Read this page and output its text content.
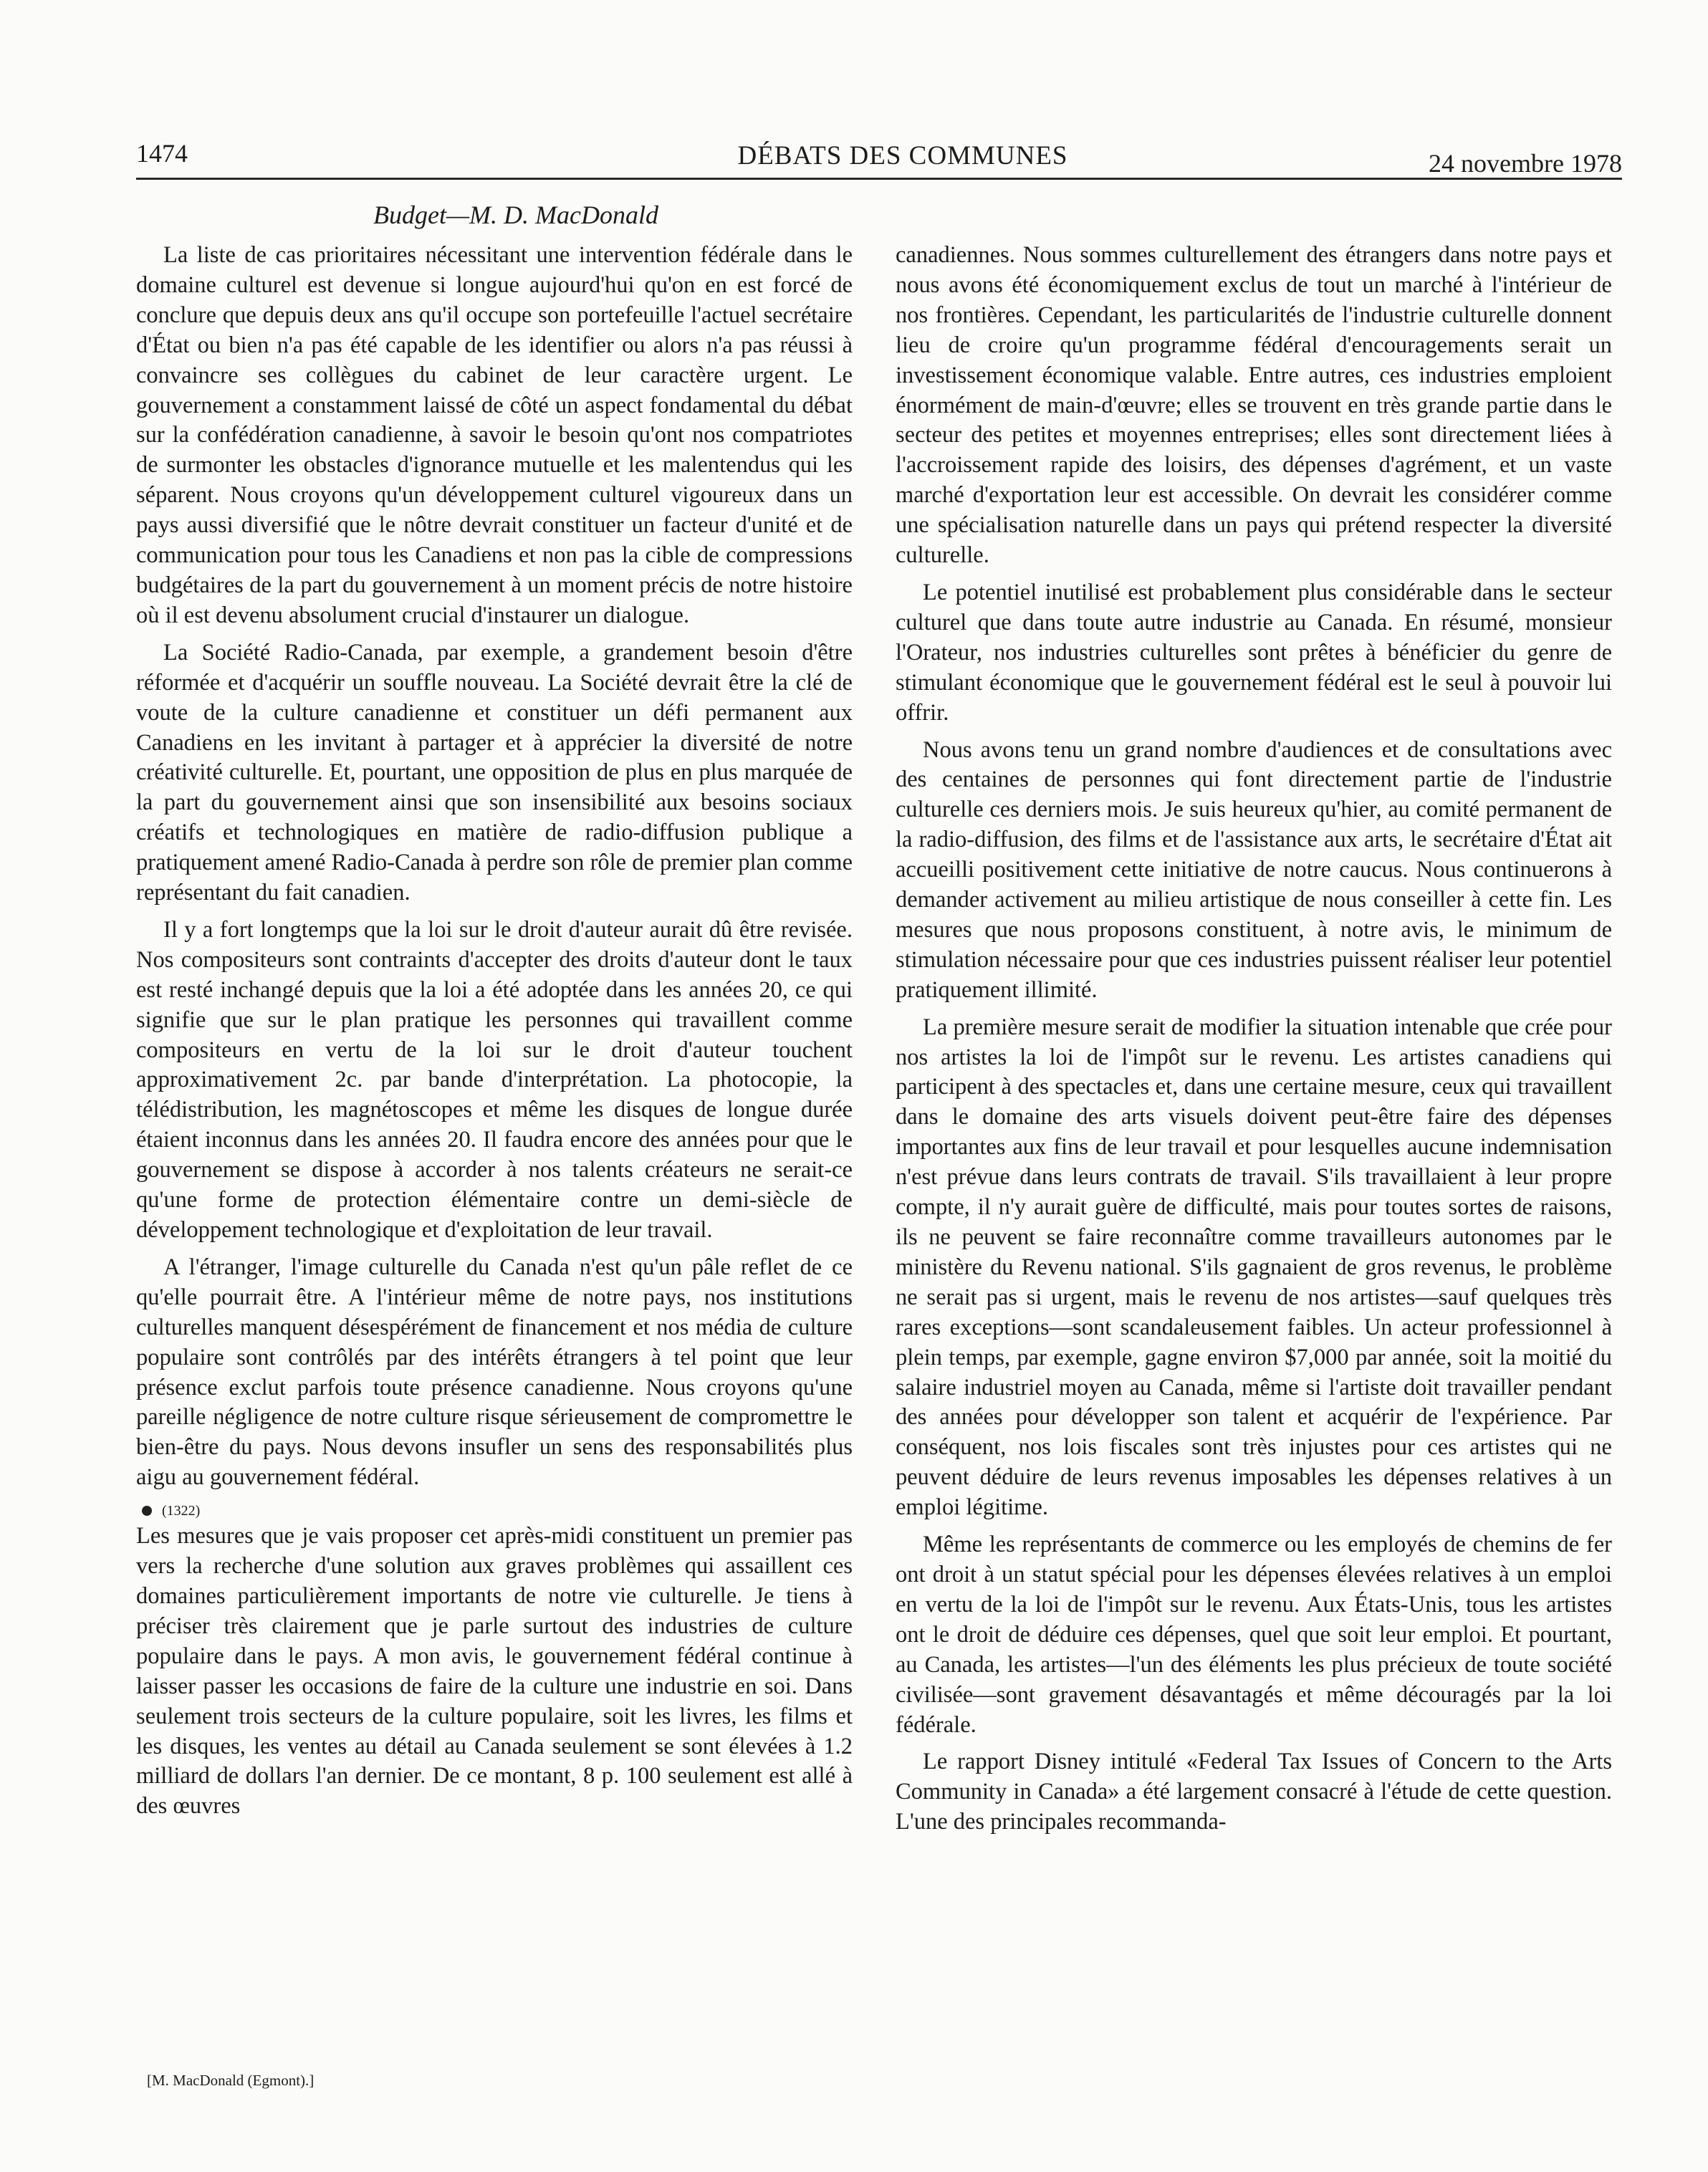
1474	DÉBATS DES COMMUNES	24 novembre 1978
Budget—M. D. MacDonald

La liste de cas prioritaires nécessitant une intervention fédérale dans le domaine culturel est devenue si longue aujourd'hui qu'on en est forcé de conclure que depuis deux ans qu'il occupe son portefeuille l'actuel secrétaire d'État ou bien n'a pas été capable de les identifier ou alors n'a pas réussi à convaincre ses collègues du cabinet de leur caractère urgent. Le gouvernement a constamment laissé de côté un aspect fondamental du débat sur la confédération canadienne, à savoir le besoin qu'ont nos compatriotes de surmonter les obstacles d'ignorance mutuelle et les malentendus qui les séparent. Nous croyons qu'un développement culturel vigoureux dans un pays aussi diversifié que le nôtre devrait constituer un facteur d'unité et de communication pour tous les Canadiens et non pas la cible de compressions budgétaires de la part du gouvernement à un moment précis de notre histoire où il est devenu absolument crucial d'instaurer un dialogue.

La Société Radio-Canada, par exemple, a grandement besoin d'être réformée et d'acquérir un souffle nouveau. La Société devrait être la clé de voute de la culture canadienne et constituer un défi permanent aux Canadiens en les invitant à partager et à apprécier la diversité de notre créativité culturelle. Et, pourtant, une opposition de plus en plus marquée de la part du gouvernement ainsi que son insensibilité aux besoins sociaux créatifs et technologiques en matière de radio-diffusion publique a pratiquement amené Radio-Canada à perdre son rôle de premier plan comme représentant du fait canadien.

Il y a fort longtemps que la loi sur le droit d'auteur aurait dû être revisée. Nos compositeurs sont contraints d'accepter des droits d'auteur dont le taux est resté inchangé depuis que la loi a été adoptée dans les années 20, ce qui signifie que sur le plan pratique les personnes qui travaillent comme compositeurs en vertu de la loi sur le droit d'auteur touchent approximativement 2c. par bande d'interprétation. La photocopie, la télédistribution, les magnétoscopes et même les disques de longue durée étaient inconnus dans les années 20. Il faudra encore des années pour que le gouvernement se dispose à accorder à nos talents créateurs ne serait-ce qu'une forme de protection élémentaire contre un demi-siècle de développement technologique et d'exploitation de leur travail.

A l'étranger, l'image culturelle du Canada n'est qu'un pâle reflet de ce qu'elle pourrait être. A l'intérieur même de notre pays, nos institutions culturelles manquent désespérément de financement et nos média de culture populaire sont contrôlés par des intérêts étrangers à tel point que leur présence exclut parfois toute présence canadienne. Nous croyons qu'une pareille négligence de notre culture risque sérieusement de compromettre le bien-être du pays. Nous devons insufler un sens des responsabilités plus aigu au gouvernement fédéral.

(1322)

Les mesures que je vais proposer cet après-midi constituent un premier pas vers la recherche d'une solution aux graves problèmes qui assaillent ces domaines particulièrement importants de notre vie culturelle. Je tiens à préciser très clairement que je parle surtout des industries de culture populaire dans le pays. A mon avis, le gouvernement fédéral continue à laisser passer les occasions de faire de la culture une industrie en soi. Dans seulement trois secteurs de la culture populaire, soit les livres, les films et les disques, les ventes au détail au Canada seulement se sont élevées à 1.2 milliard de dollars l'an dernier. De ce montant, 8 p. 100 seulement est allé à des œuvres

canadiennes. Nous sommes culturellement des étrangers dans notre pays et nous avons été économiquement exclus de tout un marché à l'intérieur de nos frontières. Cependant, les particularités de l'industrie culturelle donnent lieu de croire qu'un programme fédéral d'encouragements serait un investissement économique valable. Entre autres, ces industries emploient énormément de main-d'œuvre; elles se trouvent en très grande partie dans le secteur des petites et moyennes entreprises; elles sont directement liées à l'accroissement rapide des loisirs, des dépenses d'agrément, et un vaste marché d'exportation leur est accessible. On devrait les considérer comme une spécialisation naturelle dans un pays qui prétend respecter la diversité culturelle.

Le potentiel inutilisé est probablement plus considérable dans le secteur culturel que dans toute autre industrie au Canada. En résumé, monsieur l'Orateur, nos industries culturelles sont prêtes à bénéficier du genre de stimulant économique que le gouvernement fédéral est le seul à pouvoir lui offrir.

Nous avons tenu un grand nombre d'audiences et de consultations avec des centaines de personnes qui font directement partie de l'industrie culturelle ces derniers mois. Je suis heureux qu'hier, au comité permanent de la radio-diffusion, des films et de l'assistance aux arts, le secrétaire d'État ait accueilli positivement cette initiative de notre caucus. Nous continuerons à demander activement au milieu artistique de nous conseiller à cette fin. Les mesures que nous proposons constituent, à notre avis, le minimum de stimulation nécessaire pour que ces industries puissent réaliser leur potentiel pratiquement illimité.

La première mesure serait de modifier la situation intenable que crée pour nos artistes la loi de l'impôt sur le revenu. Les artistes canadiens qui participent à des spectacles et, dans une certaine mesure, ceux qui travaillent dans le domaine des arts visuels doivent peut-être faire des dépenses importantes aux fins de leur travail et pour lesquelles aucune indemnisation n'est prévue dans leurs contrats de travail. S'ils travaillaient à leur propre compte, il n'y aurait guère de difficulté, mais pour toutes sortes de raisons, ils ne peuvent se faire reconnaître comme travailleurs autonomes par le ministère du Revenu national. S'ils gagnaient de gros revenus, le problème ne serait pas si urgent, mais le revenu de nos artistes—sauf quelques très rares exceptions—sont scandaleusement faibles. Un acteur professionnel à plein temps, par exemple, gagne environ $7,000 par année, soit la moitié du salaire industriel moyen au Canada, même si l'artiste doit travailler pendant des années pour développer son talent et acquérir de l'expérience. Par conséquent, nos lois fiscales sont très injustes pour ces artistes qui ne peuvent déduire de leurs revenus imposables les dépenses relatives à un emploi légitime.

Même les représentants de commerce ou les employés de chemins de fer ont droit à un statut spécial pour les dépenses élevées relatives à un emploi en vertu de la loi de l'impôt sur le revenu. Aux États-Unis, tous les artistes ont le droit de déduire ces dépenses, quel que soit leur emploi. Et pourtant, au Canada, les artistes—l'un des éléments les plus précieux de toute société civilisée—sont gravement désavantagés et même découragés par la loi fédérale.

Le rapport Disney intitulé «Federal Tax Issues of Concern to the Arts Community in Canada» a été largement consacré à l'étude de cette question. L'une des principales recommanda-

[M. MacDonald (Egmont).]
